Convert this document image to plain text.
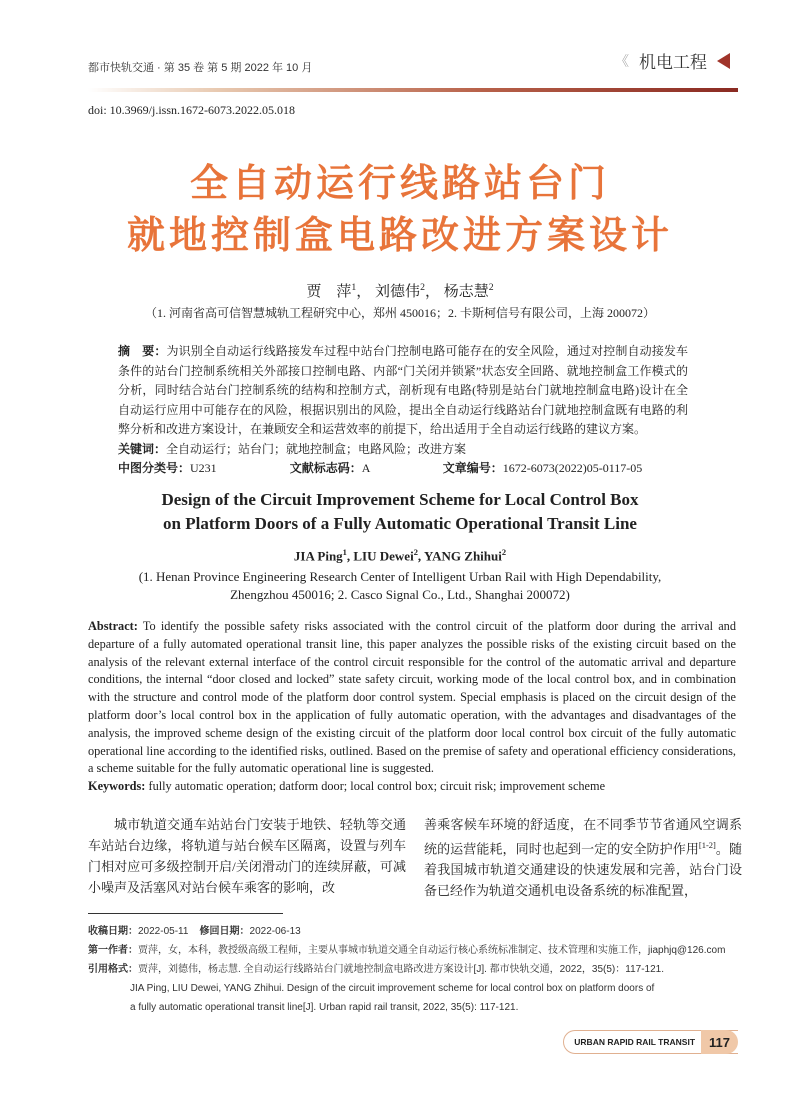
都市快轨交通 · 第 35 卷 第 5 期 2022 年 10 月	《 机电工程
doi: 10.3969/j.issn.1672-6073.2022.05.018
全自动运行线路站台门
就地控制盒电路改进方案设计
贾　萍$^1$， 刘德伟$^2$， 杨志慧$^2$
（1. 河南省高可信智慧城轨工程研究中心，郑州 450016；2. 卡斯柯信号有限公司，上海 200072）

摘　要：为识别全自动运行线路接发车过程中站台门控制电路可能存在的安全风险，通过对控制自动接发车条件的站台门控制系统相关外部接口控制电路、内部“门关闭并锁紧”状态安全回路、就地控制盒工作模式的分析，同时结合站台门控制系统的结构和控制方式，剖析现有电路(特别是站台门就地控制盒电路)设计在全自动运行应用中可能存在的风险，根据识别出的风险，提出全自动运行线路站台门就地控制盒既有电路的利弊分析和改进方案设计，在兼顾安全和运营效率的前提下，给出适用于全自动运行线路的建议方案。

关键词：全自动运行；站台门；就地控制盒；电路风险；改进方案

中图分类号：U231	文献标志码：A	文章编号：1672-6073(2022)05-0117-05

Design of the Circuit Improvement Scheme for Local Control Box
on Platform Doors of a Fully Automatic Operational Transit Line
JIA Ping$^1$, LIU Dewei$^2$, YANG Zhihui$^2$
(1. Henan Province Engineering Research Center of Intelligent Urban Rail with High Dependability,
Zhengzhou 450016; 2. Casco Signal Co., Ltd., Shanghai 200072)

Abstract: To identify the possible safety risks associated with the control circuit of the platform door during the arrival and departure of a fully automated operational transit line, this paper analyzes the possible risks of the existing circuit based on the analysis of the relevant external interface of the control circuit responsible for the control of the automatic arrival and departure conditions, the internal “door closed and locked” state safety circuit, working mode of the local control box, and in combination with the structure and control mode of the platform door control system. Special emphasis is placed on the circuit design of the platform door’s local control box in the application of fully automatic operation, with the advantages and disadvantages of the analysis, the improved scheme design of the existing circuit of the platform door local control box circuit of the fully automatic operational line according to the identified risks, outlined. Based on the premise of safety and operational efficiency considerations, a scheme suitable for the fully automatic operational line is suggested.

Keywords: fully automatic operation; datform door; local control box; circuit risk; improvement scheme

城市轨道交通车站站台门安装于地铁、轻轨等交通车站站台边缘，将轨道与站台候车区隔离，设置与列车门相对应可多级控制开启/关闭滑动门的连续屏蔽，可减小噪声及活塞风对站台候车乘客的影响，改
善乘客候车环境的舒适度，在不同季节节省通风空调系统的运营能耗，同时也起到一定的安全防护作用[1-2]。随着我国城市轨道交通建设的快速发展和完善，站台门设备已经作为轨道交通机电设备系统的标准配置，
收稿日期：2022-05-11 修回日期：2022-06-13
第一作者：贾萍，女，本科，教授级高级工程师，主要从事城市轨道交通全自动运行核心系统标准制定、技术管理和实施工作，jiaphjq@126.com
引用格式：贾萍，刘德伟，杨志慧. 全自动运行线路站台门就地控制盒电路改进方案设计[J]. 都市快轨交通，2022，35(5)：117-121.
JIA Ping, LIU Dewei, YANG Zhihui. Design of the circuit improvement scheme for local control box on platform doors of
a fully automatic operational transit line[J]. Urban rapid rail transit, 2022, 35(5): 117-121.
URBAN RAPID RAIL TRANSIT	117
